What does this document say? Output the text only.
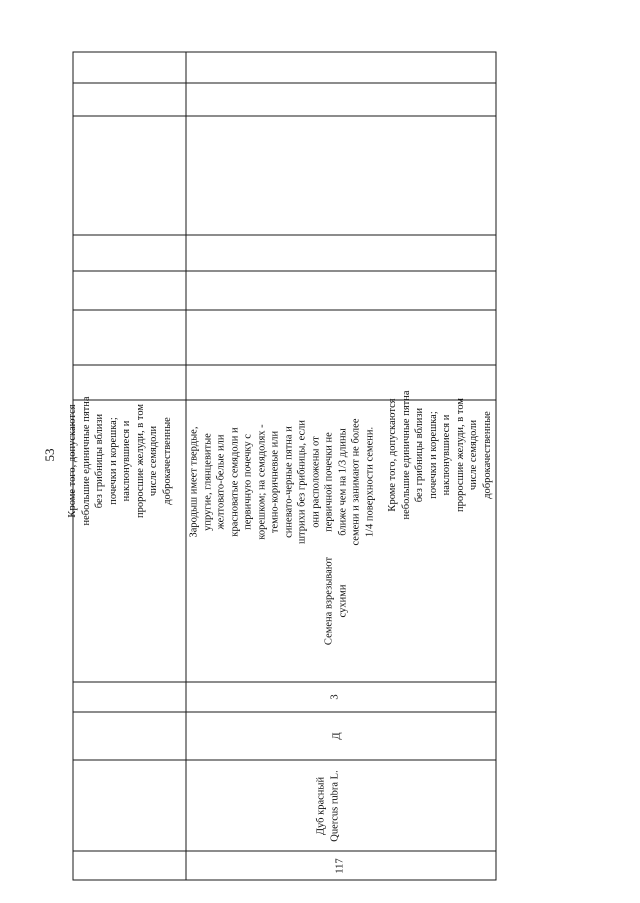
53
117
Дуб красный Quercus rubra L.
Д
3
Семена взрезывают сухими
Кроме того, допускаются небольшие единичные пятна без грибницы вблизи почечки и корешка; наклюнувшиеся и проросшие желуди, в том числе семядоли доброкачественные Зародыш имеет твердые, упругие, глянцевитые желтовато-белые или красноватые семядоли и первичную почечку с корешком; на семядолях - темно-коричневые или синевато-черные пятна и штрихи без грибницы, если они расположены от первичной почечки не ближе чем на 1/3 длины семени и занимают не более 1/4 поверхности семени. Кроме того, допускаются небольшие единичные пятна без грибницы вблизи почечки и корешка; наклюнувшиеся и проросшие желуди, в том числе семядоли доброкачественные
